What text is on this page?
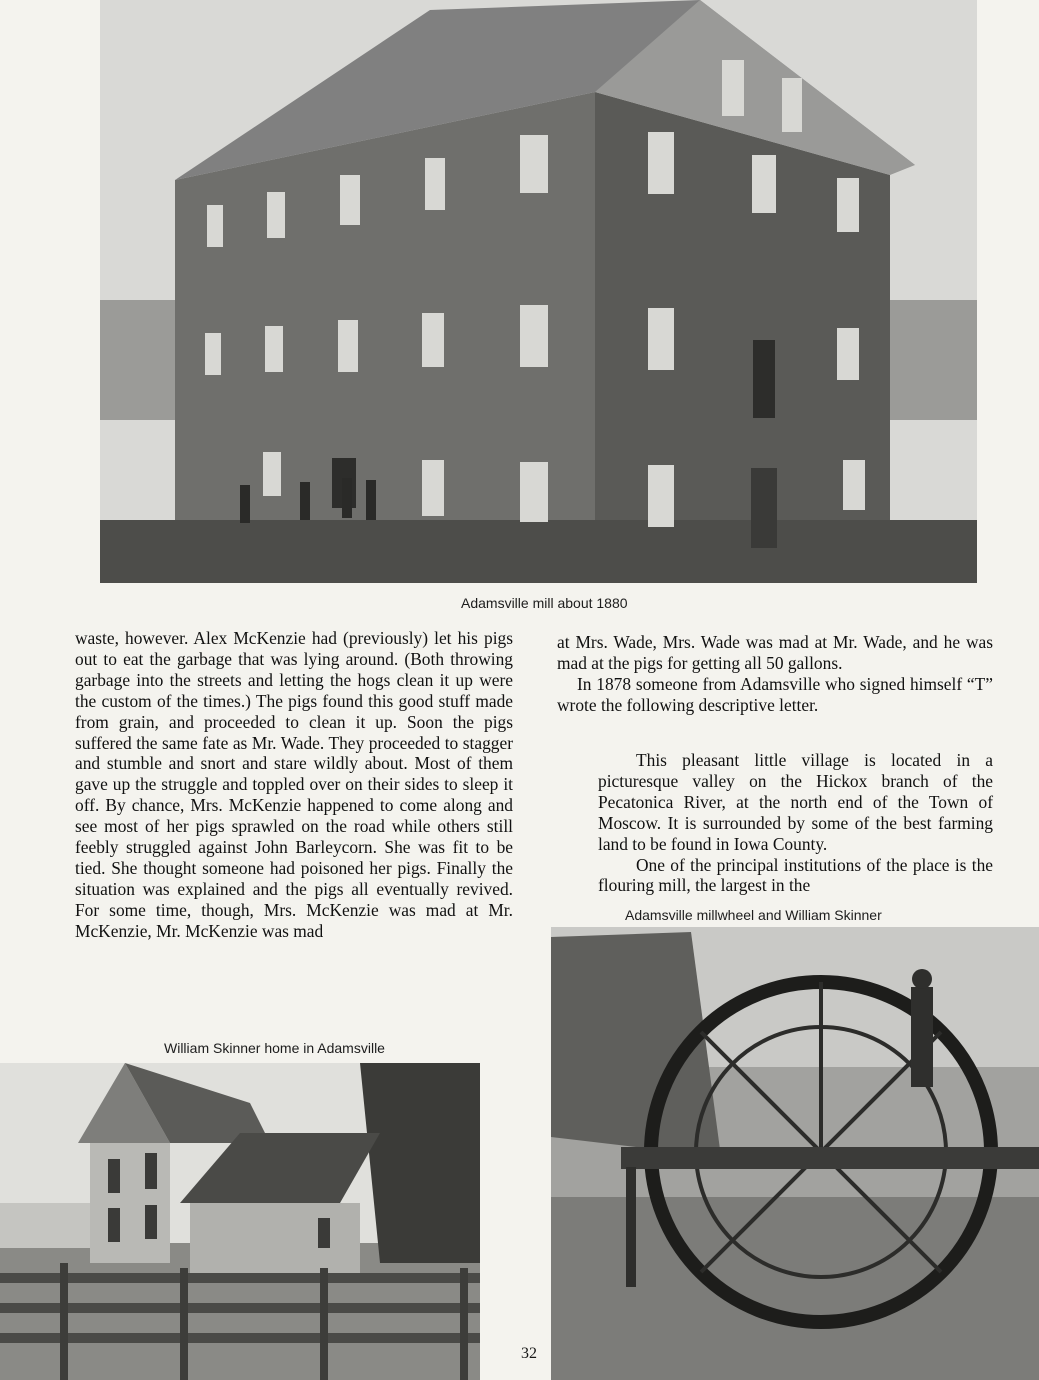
Adamsville mill about 1880

waste, however. Alex McKenzie had (previously) let his pigs out to eat the garbage that was lying around. (Both throwing garbage into the streets and letting the hogs clean it up were the custom of the times.) The pigs found this good stuff made from grain, and proceeded to clean it up. Soon the pigs suffered the same fate as Mr. Wade. They proceeded to stagger and stumble and snort and stare wildly about. Most of them gave up the struggle and toppled over on their sides to sleep it off. By chance, Mrs. McKenzie happened to come along and see most of her pigs sprawled on the road while others still feebly struggled against John Barleycorn. She was fit to be tied. She thought someone had poisoned her pigs. Finally the situation was explained and the pigs all eventually revived. For some time, though, Mrs. McKenzie was mad at Mr. McKenzie, Mr. McKenzie was mad

at Mrs. Wade, Mrs. Wade was mad at Mr. Wade, and he was mad at the pigs for getting all 50 gallons.

In 1878 someone from Adamsville who signed himself “T” wrote the following descriptive letter.

This pleasant little village is located in a picturesque valley on the Hickox branch of the Pecatonica River, at the north end of the Town of Moscow. It is surrounded by some of the best farming land to be found in Iowa County.

One of the principal institutions of the place is the flouring mill, the largest in the

Adamsville millwheel and William Skinner
William Skinner home in Adamsville
32
